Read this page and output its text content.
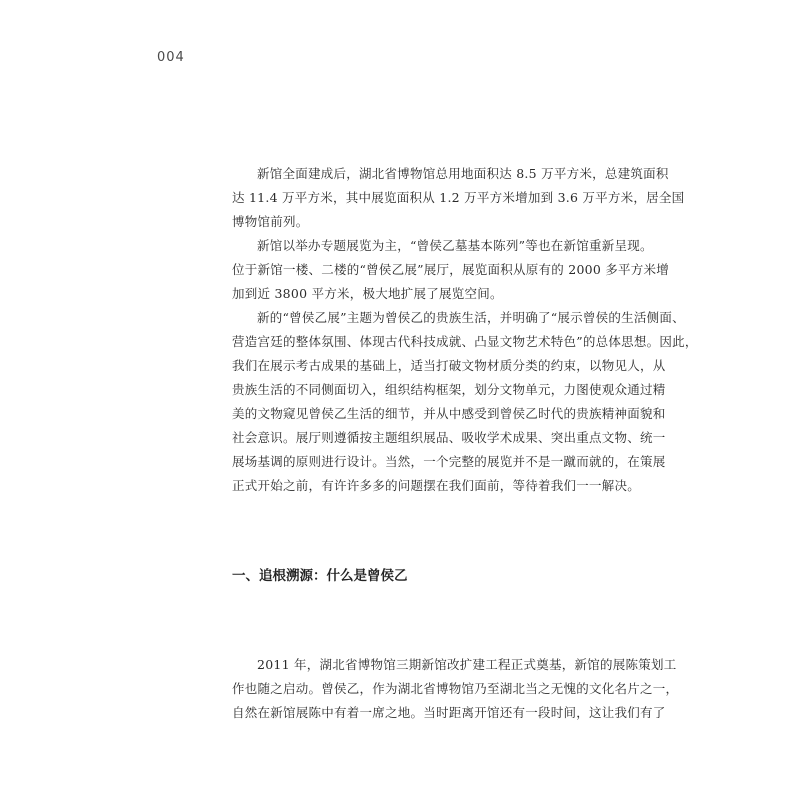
004
新馆全面建成后，湖北省博物馆总用地面积达 8.5 万平方米，总建筑面积
达 11.4 万平方米，其中展览面积从 1.2 万平方米增加到 3.6 万平方米，居全国
博物馆前列。
新馆以举办专题展览为主，“曾侯乙墓基本陈列”等也在新馆重新呈现。
位于新馆一楼、二楼的“曾侯乙展”展厅，展览面积从原有的 2000 多平方米增
加到近 3800 平方米，极大地扩展了展览空间。
新的“曾侯乙展”主题为曾侯乙的贵族生活，并明确了“展示曾侯的生活侧面、
营造宫廷的整体氛围、体现古代科技成就、凸显文物艺术特色”的总体思想。因此，
我们在展示考古成果的基础上，适当打破文物材质分类的约束，以物见人，从
贵族生活的不同侧面切入，组织结构框架，划分文物单元，力图使观众通过精
美的文物窥见曾侯乙生活的细节，并从中感受到曾侯乙时代的贵族精神面貌和
社会意识。展厅则遵循按主题组织展品、吸收学术成果、突出重点文物、统一
展场基调的原则进行设计。当然，一个完整的展览并不是一蹴而就的，在策展
正式开始之前，有许许多多的问题摆在我们面前，等待着我们一一解决。
一、追根溯源：什么是曾侯乙
2011 年，湖北省博物馆三期新馆改扩建工程正式奠基，新馆的展陈策划工
作也随之启动。曾侯乙，作为湖北省博物馆乃至湖北当之无愧的文化名片之一，
自然在新馆展陈中有着一席之地。当时距离开馆还有一段时间，这让我们有了
